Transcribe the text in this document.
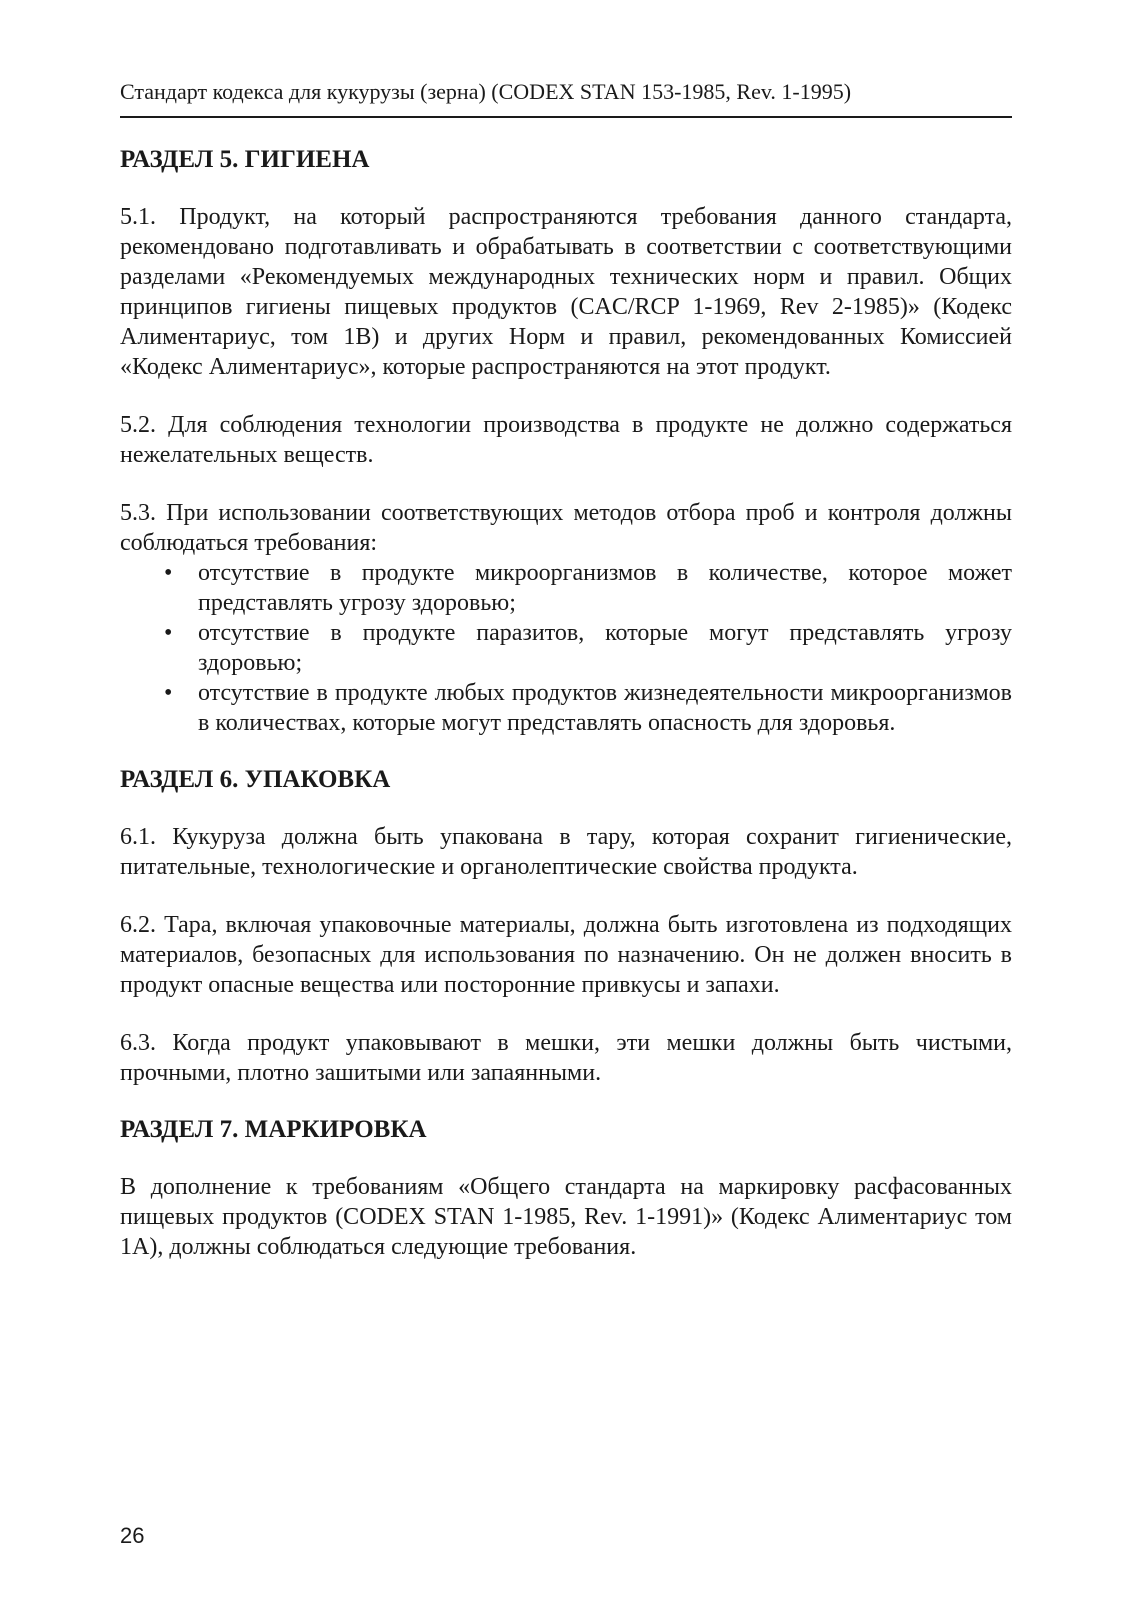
Стандарт кодекса для кукурузы (зерна) (CODEX STAN 153-1985, Rev. 1-1995)
РАЗДЕЛ 5. ГИГИЕНА

5.1. Продукт, на который распространяются требования данного стандарта, рекомендовано подготавливать и обрабатывать в соответствии с соответствующими разделами «Рекомендуемых международных технических норм и правил. Общих принципов гигиены пищевых продуктов (CAC/RCP 1-1969, Rev 2-1985)» (Кодекс Алиментариус, том 1B) и других Норм и правил, рекомендованных Комиссией «Кодекс Алиментариус», которые распространяются на этот продукт.

5.2. Для соблюдения технологии производства в продукте не должно содержаться нежелательных веществ.

5.3. При использовании соответствующих методов отбора проб и контроля должны соблюдаться требования:

• отсутствие в продукте микроорганизмов в количестве, которое может представлять угрозу здоровью;
• отсутствие в продукте паразитов, которые могут представлять угрозу здоровью;
• отсутствие в продукте любых продуктов жизнедеятельности микроорганизмов в количествах, которые могут представлять опасность для здоровья.
РАЗДЕЛ 6. УПАКОВКА

6.1. Кукуруза должна быть упакована в тару, которая сохранит гигиенические, питательные, технологические и органолептические свойства продукта.

6.2. Тара, включая упаковочные материалы, должна быть изготовлена из подходящих материалов, безопасных для использования по назначению. Он не должен вносить в продукт опасные вещества или посторонние привкусы и запахи.

6.3. Когда продукт упаковывают в мешки, эти мешки должны быть чистыми, прочными, плотно зашитыми или запаянными.

РАЗДЕЛ 7. МАРКИРОВКА

В дополнение к требованиям «Общего стандарта на маркировку расфасованных пищевых продуктов (CODEX STAN 1-1985, Rev. 1-1991)» (Кодекс Алиментариус том 1A), должны соблюдаться следующие требования.

26
